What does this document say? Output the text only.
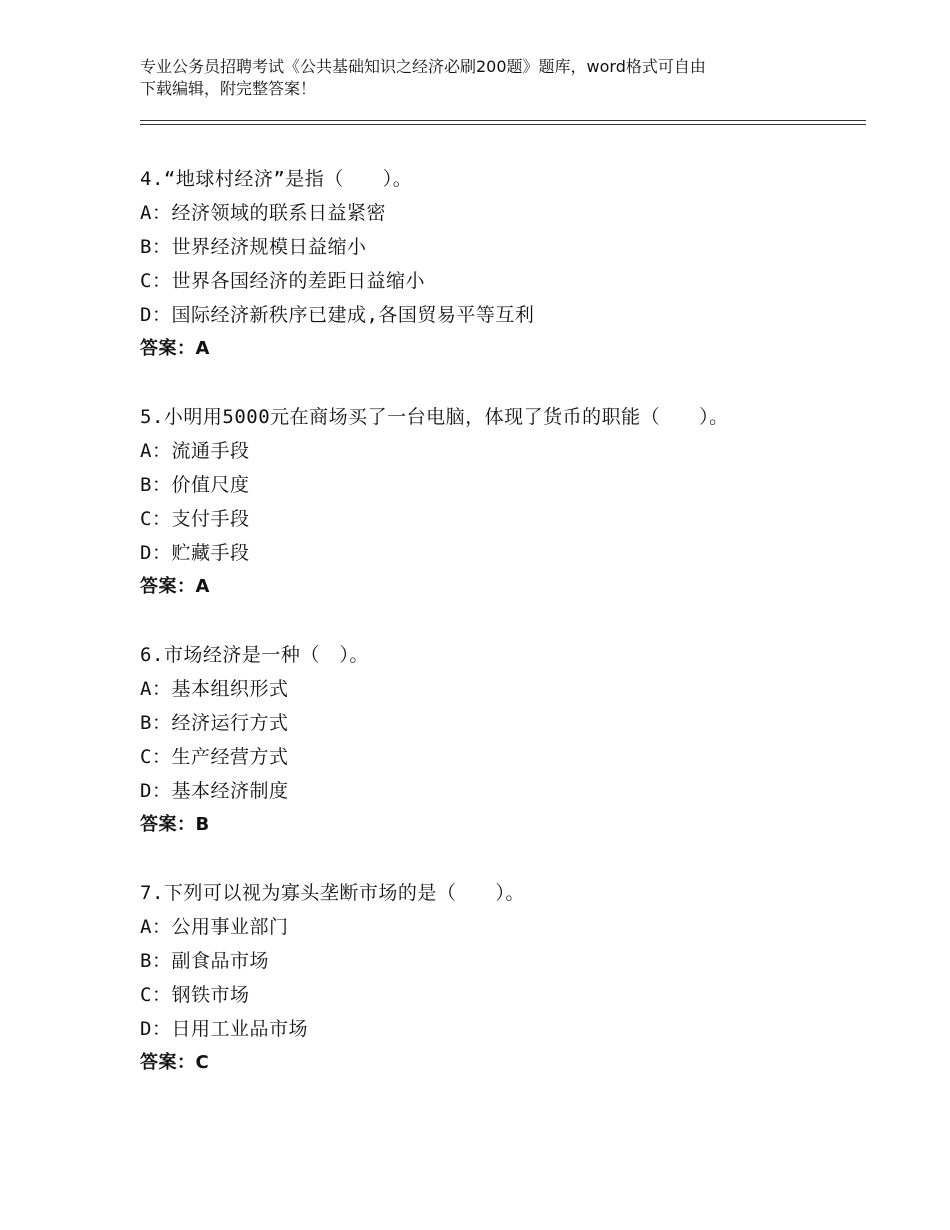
专业公务员招聘考试《公共基础知识之经济必刷200题》题库，word格式可自由
下载编辑，附完整答案！
4.“地球村经济”是指（　　）。
A：经济领域的联系日益紧密
B：世界经济规模日益缩小
C：世界各国经济的差距日益缩小
D：国际经济新秩序已建成,各国贸易平等互利
答案：A
5.小明用5000元在商场买了一台电脑，体现了货币的职能（　　）。
A：流通手段
B：价值尺度
C：支付手段
D：贮藏手段
答案：A
6.市场经济是一种（　）。
A：基本组织形式
B：经济运行方式
C：生产经营方式
D：基本经济制度
答案：B
7.下列可以视为寡头垄断市场的是（　　）。
A：公用事业部门
B：副食品市场
C：钢铁市场
D：日用工业品市场
答案：C
